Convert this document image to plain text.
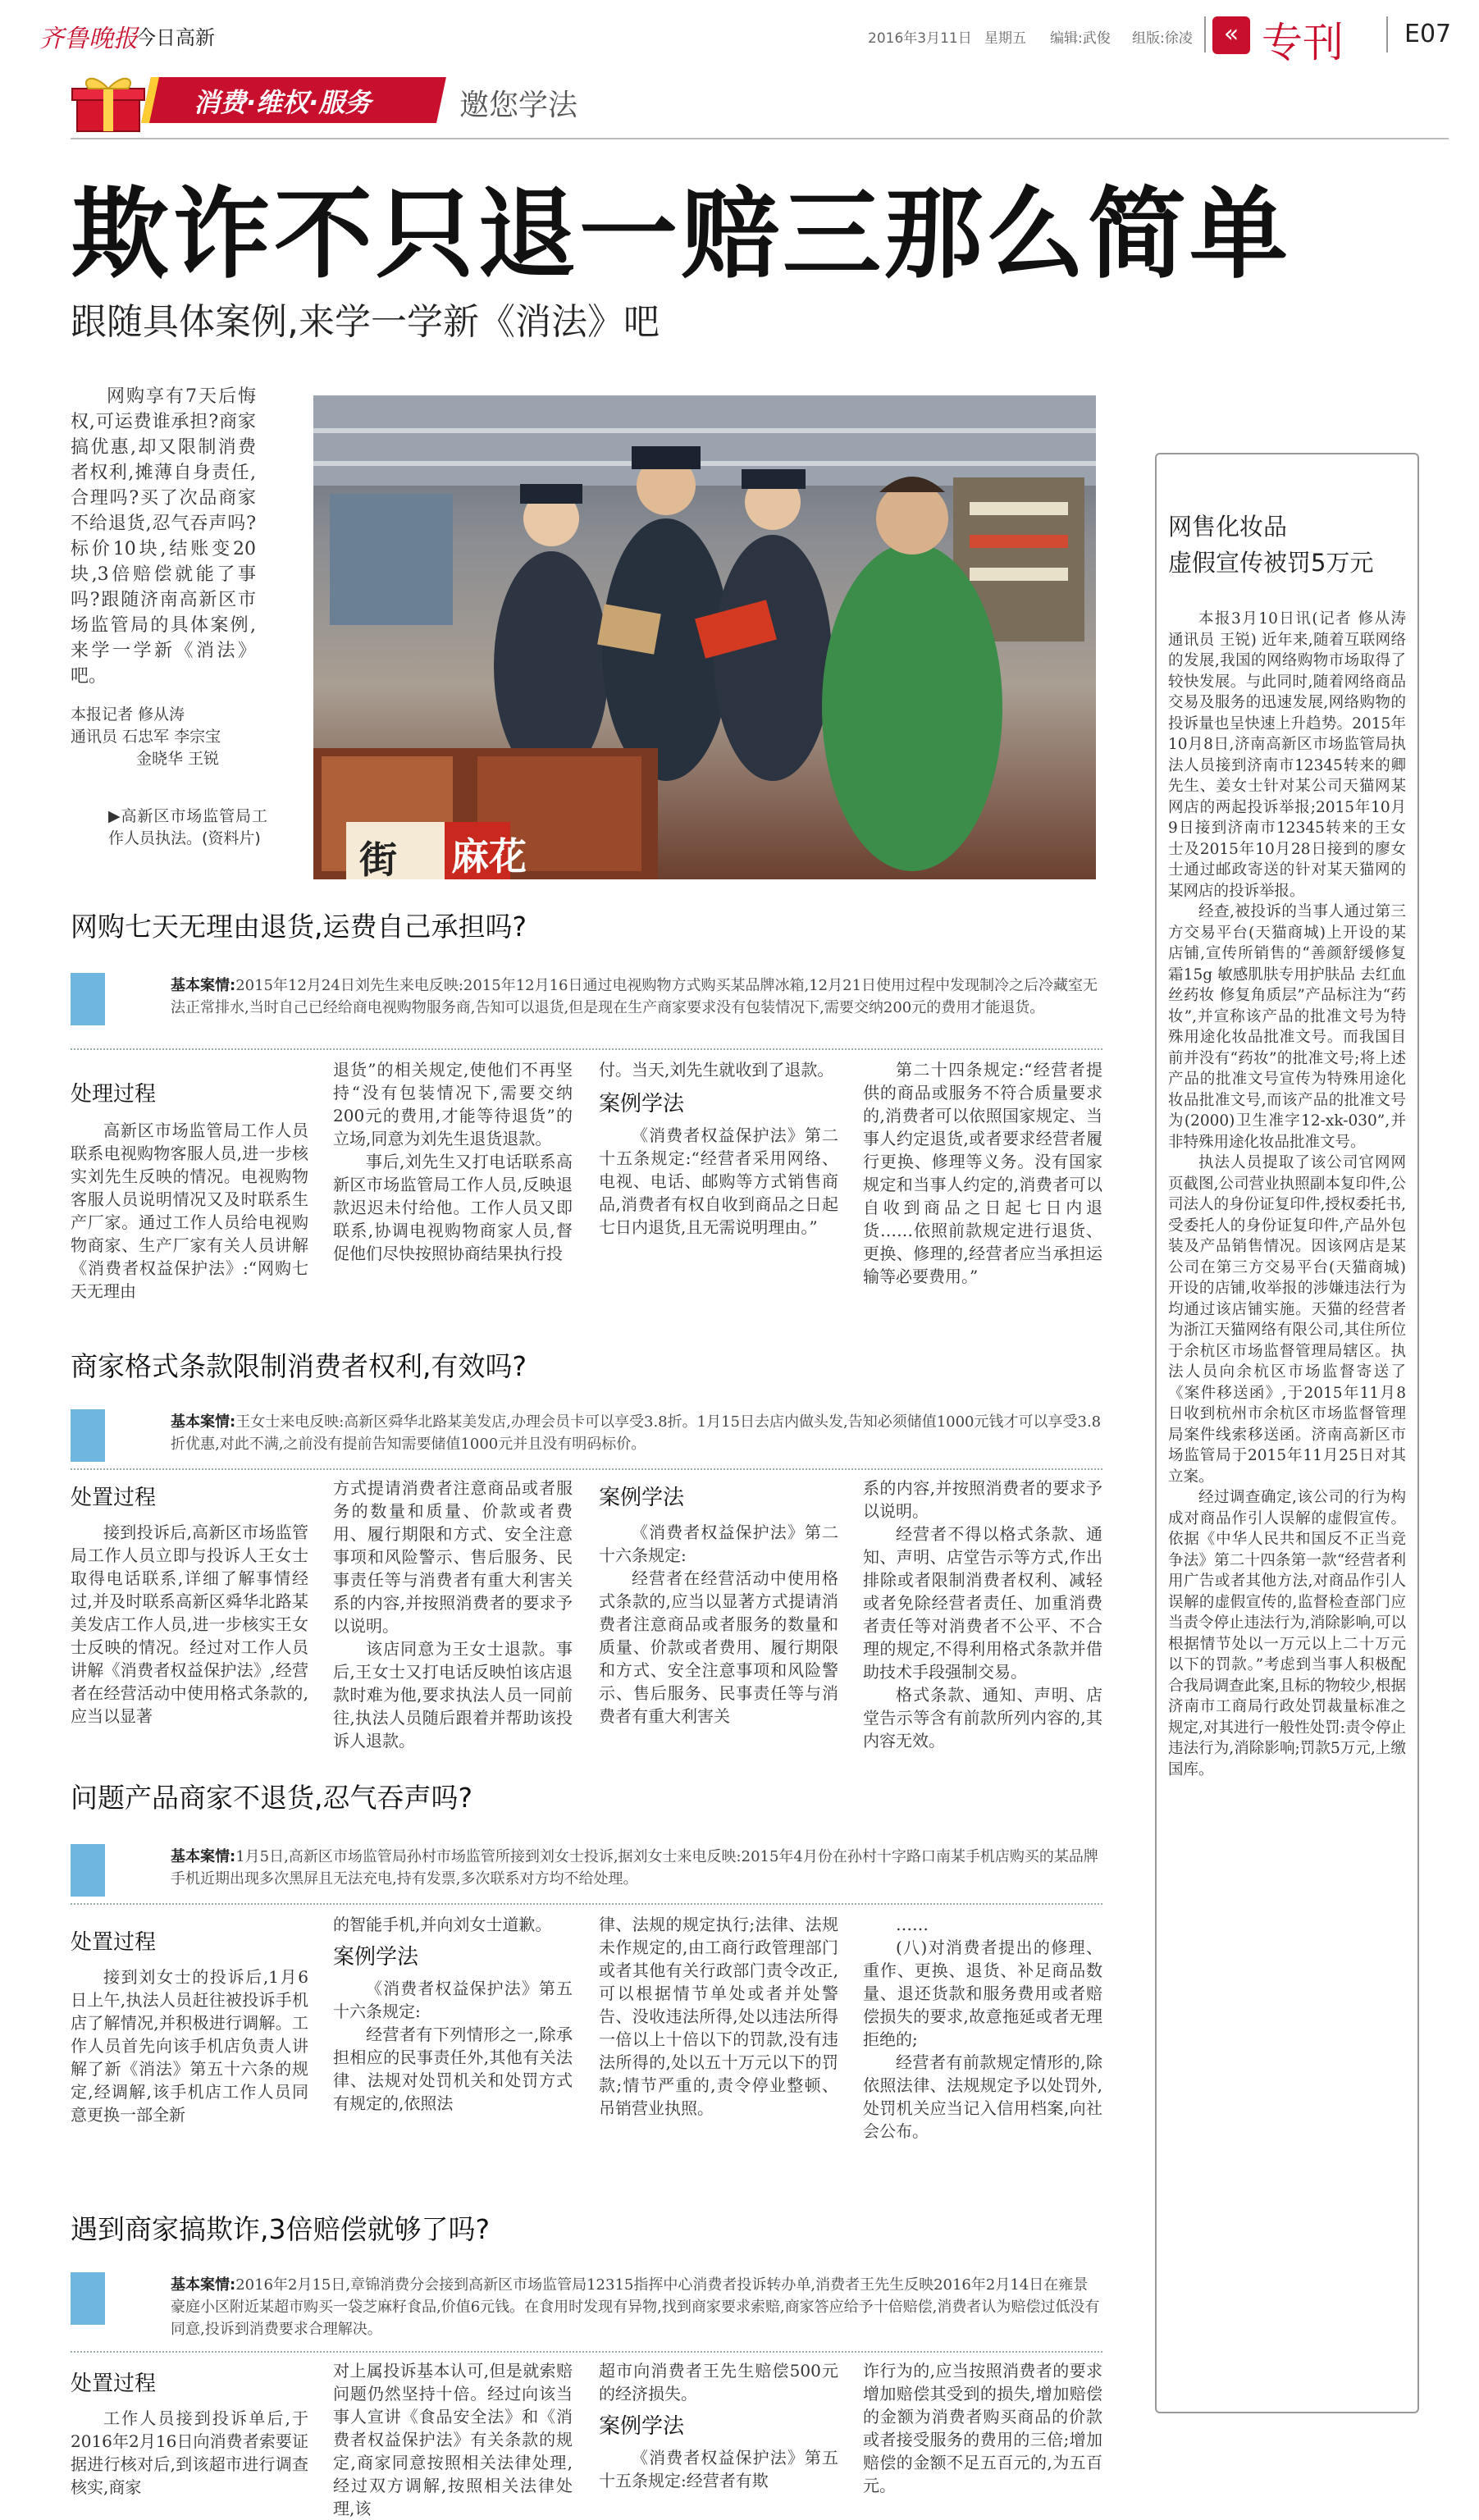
齐鲁晚报
今日高新	2016年3月11日 星期五 编辑:武俊 组版:徐凌	« 专刊 E07
消费·维权·服务	邀您学法
欺诈不只退一赔三那么简单
跟随具体案例,来学一学新《消法》吧

网购享有7天后悔权,可运费谁承担?商家搞优惠,却又限制消费者权利,摊薄自身责任,合理吗?买了次品商家不给退货,忍气吞声吗?标价10块,结账变20块,3倍赔偿就能了事吗?跟随济南高新区市场监管局的具体案例,来学一学新《消法》吧。

本报记者 修从涛
通讯员 石忠军 李宗宝
金晓华 王锐
▶高新区市场监管局工作人员执法。(资料片)	麻花
街
网售化妆品
虚假宣传被罚5万元

本报3月10日讯(记者 修从涛 通讯员 王锐) 近年来,随着互联网络的发展,我国的网络购物市场取得了较快发展。与此同时,随着网络商品交易及服务的迅速发展,网络购物的投诉量也呈快速上升趋势。2015年10月8日,济南高新区市场监管局执法人员接到济南市12345转来的卿先生、姜女士针对某公司天猫网某网店的两起投诉举报;2015年10月9日接到济南市12345转来的王女士及2015年10月28日接到的廖女士通过邮政寄送的针对某天猫网的某网店的投诉举报。

经查,被投诉的当事人通过第三方交易平台(天猫商城)上开设的某店铺,宣传所销售的“善颜舒缓修复霜15g 敏感肌肤专用护肤品 去红血丝药妆 修复角质层”产品标注为“药妆”,并宣称该产品的批准文号为特殊用途化妆品批准文号。而我国目前并没有“药妆”的批准文号;将上述产品的批准文号宣传为特殊用途化妆品批准文号,而该产品的批准文号为(2000)卫生准字12-xk-030”,并非特殊用途化妆品批准文号。

执法人员提取了该公司官网网页截图,公司营业执照副本复印件,公司法人的身份证复印件,授权委托书,受委托人的身份证复印件,产品外包装及产品销售情况。因该网店是某公司在第三方交易平台(天猫商城)开设的店铺,收举报的涉嫌违法行为均通过该店铺实施。天猫的经营者为浙江天猫网络有限公司,其住所位于余杭区市场监督管理局辖区。执法人员向余杭区市场监督寄送了《案件移送函》,于2015年11月8日收到杭州市余杭区市场监督管理局案件线索移送函。济南高新区市场监管局于2015年11月25日对其立案。

经过调查确定,该公司的行为构成对商品作引人误解的虚假宣传。依据《中华人民共和国反不正当竞争法》第二十四条第一款“经营者利用广告或者其他方法,对商品作引人误解的虚假宣传的,监督检查部门应当责令停止违法行为,消除影响,可以根据情节处以一万元以上二十万元以下的罚款。”考虑到当事人积极配合我局调查此案,且标的物较少,根据济南市工商局行政处罚裁量标准之规定,对其进行一般性处罚:责令停止违法行为,消除影响;罚款5万元,上缴国库。

网购七天无理由退货,运费自己承担吗?
基本案情:2015年12月24日刘先生来电反映:2015年12月16日通过电视购物方式购买某品牌冰箱,12月21日使用过程中发现制冷之后冷藏室无法正常排水,当时自己已经给商电视购物服务商,告知可以退货,但是现在生产商家要求没有包装情况下,需要交纳200元的费用才能退货。
处理过程

高新区市场监管局工作人员联系电视购物客服人员,进一步核实刘先生反映的情况。电视购物客服人员说明情况又及时联系生产厂家。通过工作人员给电视购物商家、生产厂家有关人员讲解《消费者权益保护法》:“网购七天无理由

退货”的相关规定,使他们不再坚持“没有包装情况下,需要交纳200元的费用,才能等待退货”的立场,同意为刘先生退货退款。

事后,刘先生又打电话联系高新区市场监管局工作人员,反映退款迟迟未付给他。工作人员又即联系,协调电视购物商家人员,督促他们尽快按照协商结果执行投

付。当天,刘先生就收到了退款。

案例学法

《消费者权益保护法》第二十五条规定:“经营者采用网络、电视、电话、邮购等方式销售商品,消费者有权自收到商品之日起七日内退货,且无需说明理由。”

第二十四条规定:“经营者提供的商品或服务不符合质量要求的,消费者可以依照国家规定、当事人约定退货,或者要求经营者履行更换、修理等义务。没有国家规定和当事人约定的,消费者可以自收到商品之日起七日内退货……依照前款规定进行退货、更换、修理的,经营者应当承担运输等必要费用。”

商家格式条款限制消费者权利,有效吗?
基本案情:王女士来电反映:高新区舜华北路某美发店,办理会员卡可以享受3.8折。1月15日去店内做头发,告知必须储值1000元钱才可以享受3.8折优惠,对此不满,之前没有提前告知需要储值1000元并且没有明码标价。
处置过程

接到投诉后,高新区市场监管局工作人员立即与投诉人王女士取得电话联系,详细了解事情经过,并及时联系高新区舜华北路某美发店工作人员,进一步核实王女士反映的情况。经过对工作人员讲解《消费者权益保护法》,经营者在经营活动中使用格式条款的,应当以显著

方式提请消费者注意商品或者服务的数量和质量、价款或者费用、履行期限和方式、安全注意事项和风险警示、售后服务、民事责任等与消费者有重大利害关系的内容,并按照消费者的要求予以说明。

该店同意为王女士退款。事后,王女士又打电话反映怕该店退款时难为他,要求执法人员一同前往,执法人员随后跟着并帮助该投诉人退款。

案例学法

《消费者权益保护法》第二十六条规定:

经营者在经营活动中使用格式条款的,应当以显著方式提请消费者注意商品或者服务的数量和质量、价款或者费用、履行期限和方式、安全注意事项和风险警示、售后服务、民事责任等与消费者有重大利害关

系的内容,并按照消费者的要求予以说明。

经营者不得以格式条款、通知、声明、店堂告示等方式,作出排除或者限制消费者权利、减轻或者免除经营者责任、加重消费者责任等对消费者不公平、不合理的规定,不得利用格式条款并借助技术手段强制交易。

格式条款、通知、声明、店堂告示等含有前款所列内容的,其内容无效。

问题产品商家不退货,忍气吞声吗?
基本案情:1月5日,高新区市场监管局孙村市场监管所接到刘女士投诉,据刘女士来电反映:2015年4月份在孙村十字路口南某手机店购买的某品牌手机近期出现多次黑屏且无法充电,持有发票,多次联系对方均不给处理。
处置过程

接到刘女士的投诉后,1月6日上午,执法人员赶往被投诉手机店了解情况,并积极进行调解。工作人员首先向该手机店负责人讲解了新《消法》第五十六条的规定,经调解,该手机店工作人员同意更换一部全新

的智能手机,并向刘女士道歉。

案例学法

《消费者权益保护法》第五十六条规定:

经营者有下列情形之一,除承担相应的民事责任外,其他有关法律、法规对处罚机关和处罚方式有规定的,依照法

律、法规的规定执行;法律、法规未作规定的,由工商行政管理部门或者其他有关行政部门责令改正,可以根据情节单处或者并处警告、没收违法所得,处以违法所得一倍以上十倍以下的罚款,没有违法所得的,处以五十万元以下的罚款;情节严重的,责令停业整顿、吊销营业执照。

……

(八)对消费者提出的修理、重作、更换、退货、补足商品数量、退还货款和服务费用或者赔偿损失的要求,故意拖延或者无理拒绝的;

经营者有前款规定情形的,除依照法律、法规规定予以处罚外,处罚机关应当记入信用档案,向社会公布。

遇到商家搞欺诈,3倍赔偿就够了吗?
基本案情:2016年2月15日,章锦消费分会接到高新区市场监管局12315指挥中心消费者投诉转办单,消费者王先生反映2016年2月14日在雍景豪庭小区附近某超市购买一袋芝麻籽食品,价值6元钱。在食用时发现有异物,找到商家要求索赔,商家答应给予十倍赔偿,消费者认为赔偿过低没有同意,投诉到消费要求合理解决。
处置过程

工作人员接到投诉单后,于2016年2月16日向消费者索要证据进行核对后,到该超市进行调查核实,商家

对上属投诉基本认可,但是就索赔问题仍然坚持十倍。经过向该当事人宣讲《食品安全法》和《消费者权益保护法》有关条款的规定,商家同意按照相关法律处理,经过双方调解,按照相关法律处理,该

超市向消费者王先生赔偿500元的经济损失。

案例学法

《消费者权益保护法》第五十五条规定:经营者有欺

诈行为的,应当按照消费者的要求增加赔偿其受到的损失,增加赔偿的金额为消费者购买商品的价款或者接受服务的费用的三倍;增加赔偿的金额不足五百元的,为五百元。
